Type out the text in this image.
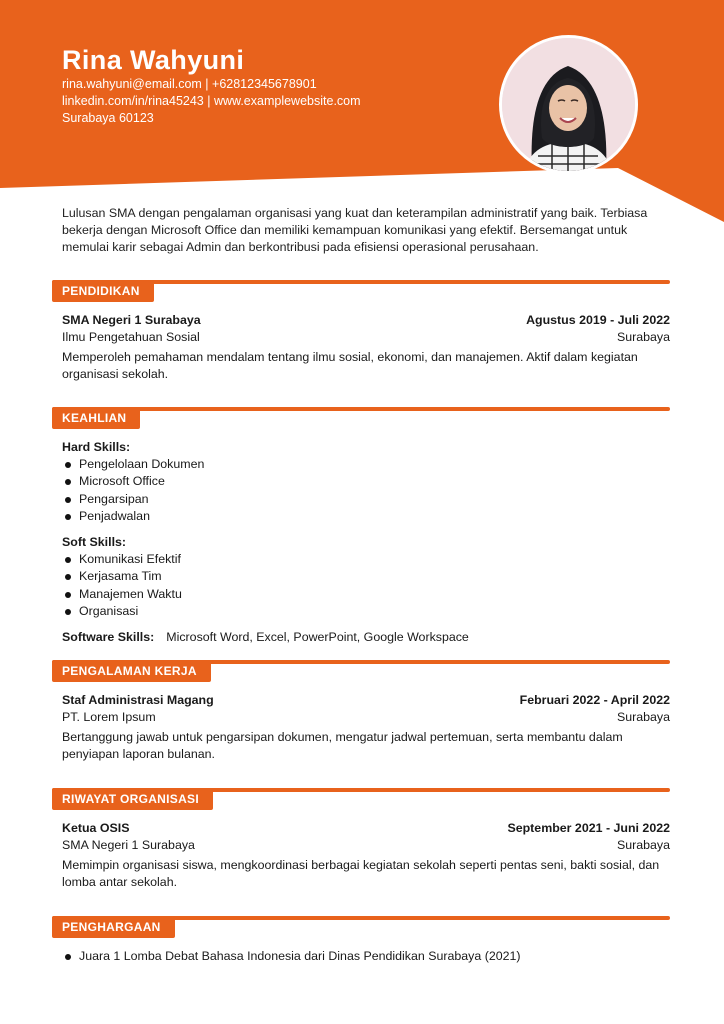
Rina Wahyuni
rina.wahyuni@email.com | +62812345678901
linkedin.com/in/rina45243 | www.examplewebsite.com
Surabaya 60123
Lulusan SMA dengan pengalaman organisasi yang kuat dan keterampilan administratif yang baik. Terbiasa bekerja dengan Microsoft Office dan memiliki kemampuan komunikasi yang efektif. Bersemangat untuk memulai karir sebagai Admin dan berkontribusi pada efisiensi operasional perusahaan.
PENDIDIKAN
SMA Negeri 1 Surabaya	Agustus 2019 - Juli 2022
Ilmu Pengetahuan Sosial	Surabaya
Memperoleh pemahaman mendalam tentang ilmu sosial, ekonomi, dan manajemen. Aktif dalam kegiatan organisasi sekolah.
KEAHLIAN
Hard Skills:
Pengelolaan Dokumen
Microsoft Office
Pengarsipan
Penjadwalan
Soft Skills:
Komunikasi Efektif
Kerjasama Tim
Manajemen Waktu
Organisasi
Software Skills: Microsoft Word, Excel, PowerPoint, Google Workspace
PENGALAMAN KERJA
Staf Administrasi Magang	Februari 2022 - April 2022
PT. Lorem Ipsum	Surabaya
Bertanggung jawab untuk pengarsipan dokumen, mengatur jadwal pertemuan, serta membantu dalam penyiapan laporan bulanan.
RIWAYAT ORGANISASI
Ketua OSIS	September 2021 - Juni 2022
SMA Negeri 1 Surabaya	Surabaya
Memimpin organisasi siswa, mengkoordinasi berbagai kegiatan sekolah seperti pentas seni, bakti sosial, dan lomba antar sekolah.
PENGHARGAAN
Juara 1 Lomba Debat Bahasa Indonesia dari Dinas Pendidikan Surabaya (2021)
